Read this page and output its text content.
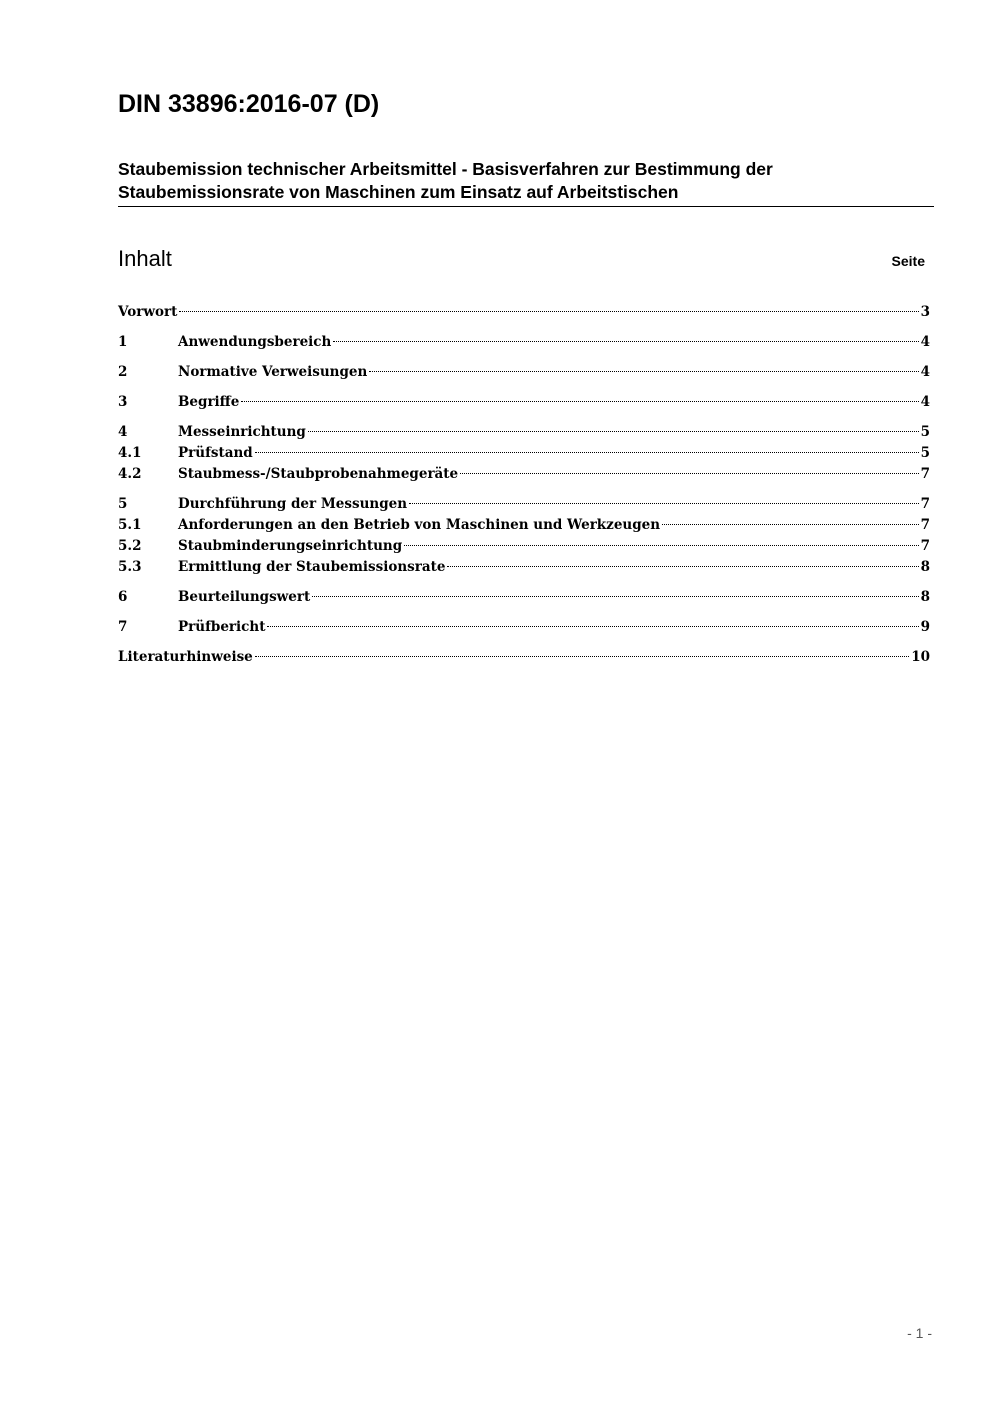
DIN 33896:2016-07 (D)
Staubemission technischer Arbeitsmittel - Basisverfahren zur Bestimmung der
Staubemissionsrate von Maschinen zum Einsatz auf Arbeitstischen
Inhalt	Seite
Vorwort	3
1	Anwendungsbereich	4
2	Normative Verweisungen	4
3	Begriffe	4
4	Messeinrichtung	5
4.1	Prüfstand	5
4.2	Staubmess-/Staubprobenahmegeräte	7
5	Durchführung der Messungen	7
5.1	Anforderungen an den Betrieb von Maschinen und Werkzeugen	7
5.2	Staubminderungseinrichtung	7
5.3	Ermittlung der Staubemissionsrate	8
6	Beurteilungswert	8
7	Prüfbericht	9
Literaturhinweise	10
- 1 -
